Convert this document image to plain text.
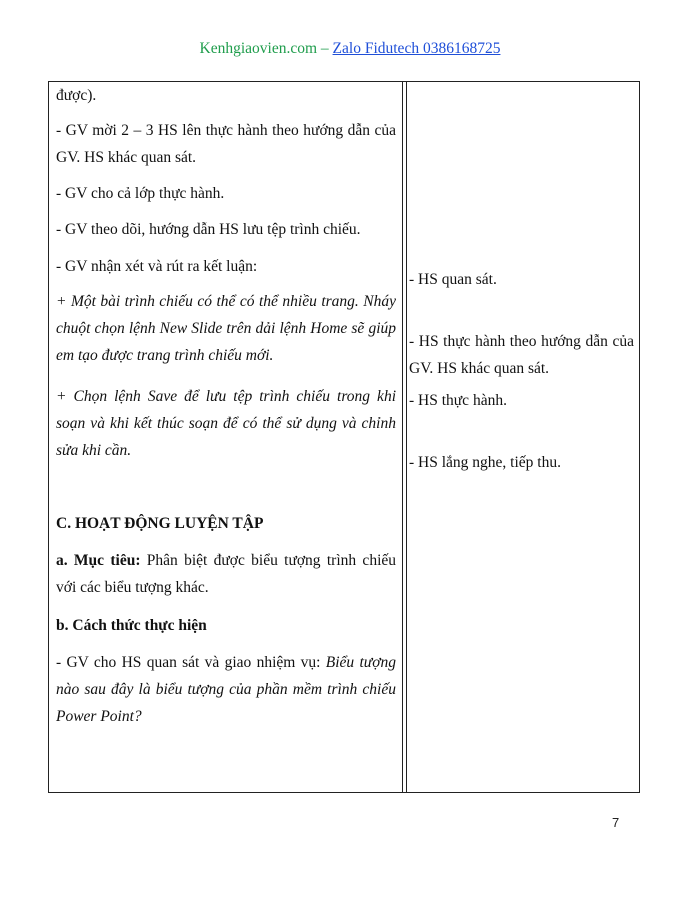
Kenhgiaovien.com – Zalo Fidutech 0386168725
được).
- GV mời 2 – 3 HS lên thực hành theo hướng dẫn của GV. HS khác quan sát.
- GV cho cả lớp thực hành.
- GV theo dõi, hướng dẫn HS lưu tệp trình chiếu.
- GV nhận xét và rút ra kết luận:
+ Một bài trình chiếu có thể có thể nhiều trang. Nháy chuột chọn lệnh New Slide trên dải lệnh Home sẽ giúp em tạo được trang trình chiếu mới.
+ Chọn lệnh Save để lưu tệp trình chiếu trong khi soạn và khi kết thúc soạn để có thể sử dụng và chỉnh sửa khi cần.
C. HOẠT ĐỘNG LUYỆN TẬP
a. Mục tiêu: Phân biệt được biểu tượng trình chiếu với các biểu tượng khác.
b. Cách thức thực hiện
- GV cho HS quan sát và giao nhiệm vụ: Biểu tượng nào sau đây là biểu tượng của phần mềm trình chiếu Power Point?
- HS quan sát.
- HS thực hành theo hướng dẫn của GV. HS khác quan sát.
- HS thực hành.
- HS lắng nghe, tiếp thu.
7
